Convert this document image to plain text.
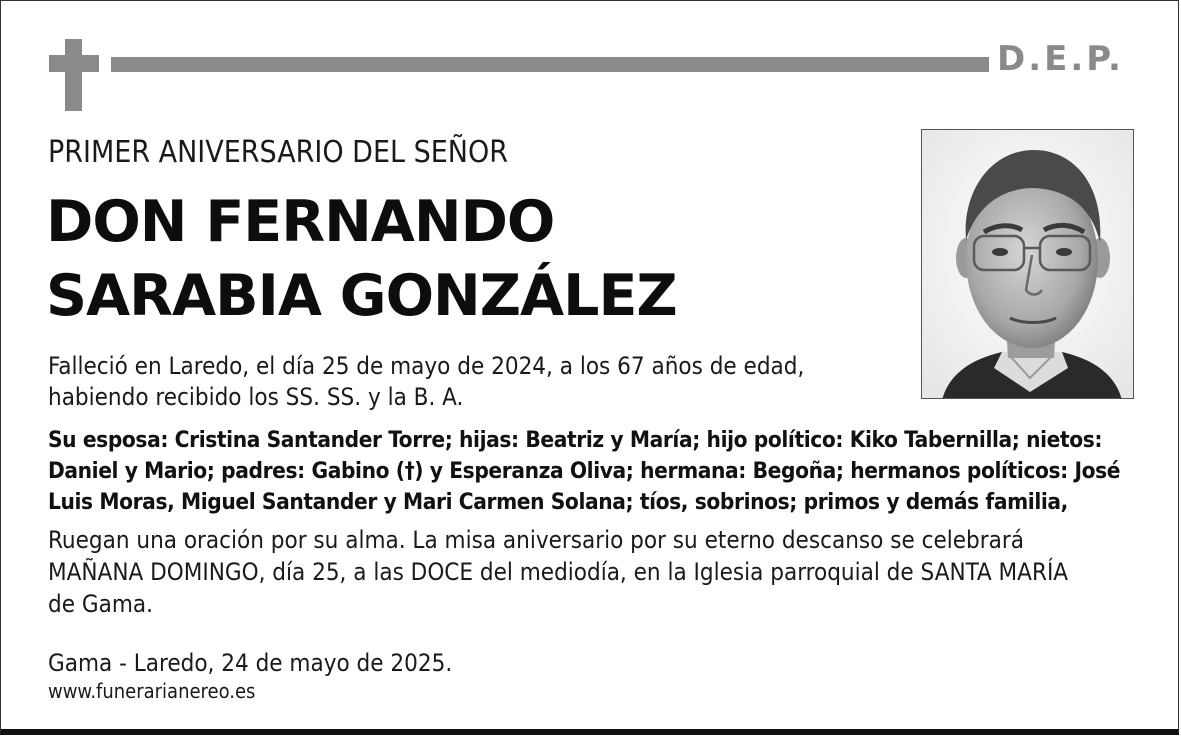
D.E.P.
PRIMER ANIVERSARIO DEL SEÑOR
DON FERNANDO
SARABIA GONZÁLEZ
Falleció en Laredo, el día 25 de mayo de 2024, a los 67 años de edad,
habiendo recibido los SS. SS. y la B. A.
Su esposa: Cristina Santander Torre; hijas: Beatriz y María; hijo político: Kiko Tabernilla; nietos:
Daniel y Mario; padres: Gabino (†) y Esperanza Oliva; hermana: Begoña; hermanos políticos: José
Luis Moras, Miguel Santander y Mari Carmen Solana; tíos, sobrinos; primos y demás familia,
Ruegan una oración por su alma. La misa aniversario por su eterno descanso se celebrará
MAÑANA DOMINGO, día 25, a las DOCE del mediodía, en la Iglesia parroquial de SANTA MARÍA
de Gama.
Gama - Laredo, 24 de mayo de 2025.
www.funerarianereo.es
